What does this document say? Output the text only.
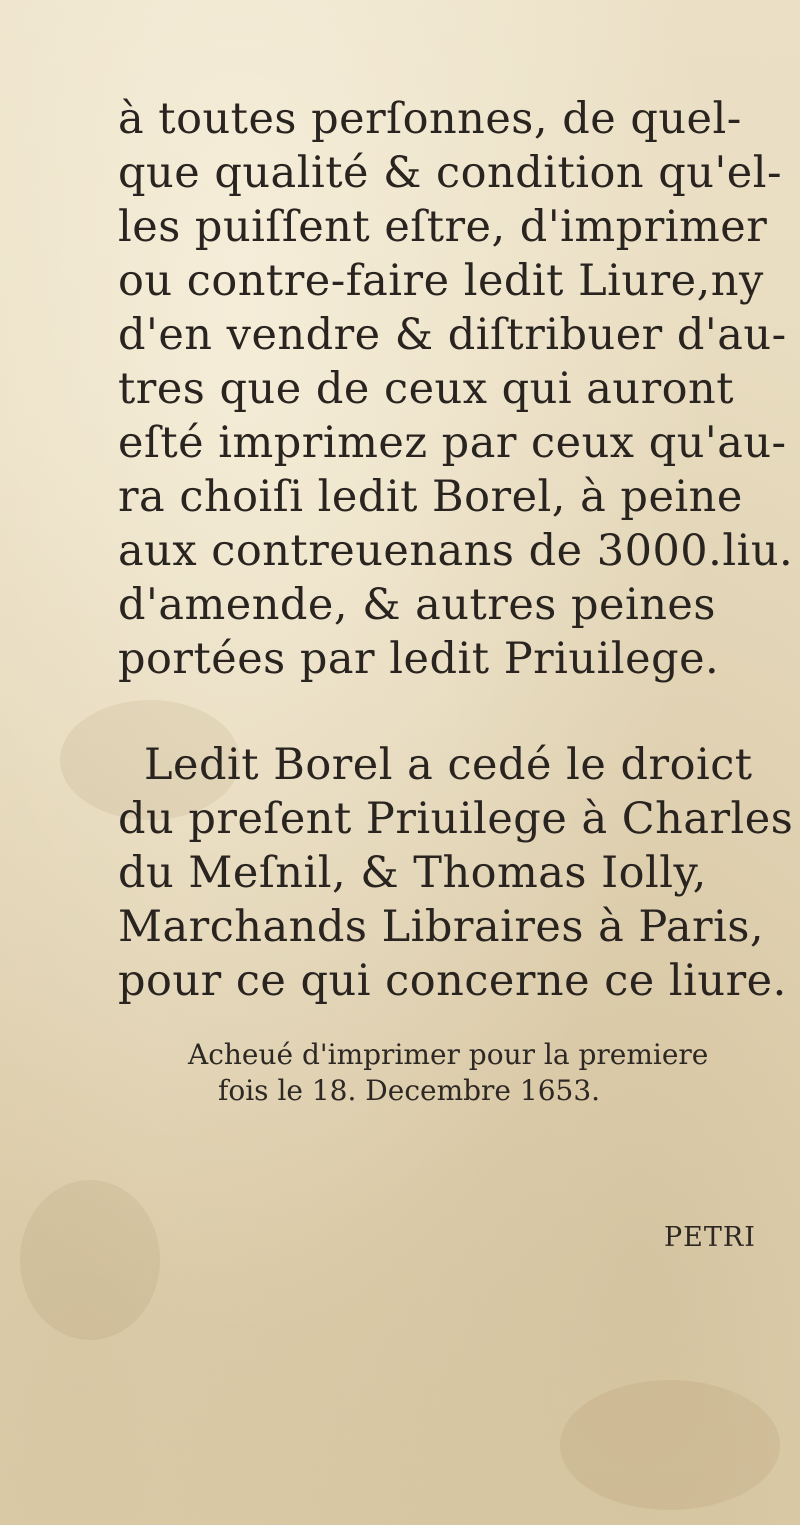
à toutes perſonnes, de quel-
que qualité & condition qu'el-
les puiſſent eſtre, d'imprimer
ou contre-faire ledit Liure,ny
d'en vendre & diſtribuer d'au-
tres que de ceux qui auront
eſté imprimez par ceux qu'au-
ra choiſi ledit Borel, à peine
aux contreuenans de 3000.liu.
d'amende, & autres peines
portées par ledit Priuilege.
Ledit Borel a cedé le droict
du preſent Priuilege à Charles
du Meſnil, & Thomas Iolly,
Marchands Libraires à Paris,
pour ce qui concerne ce liure.
Acheué d'imprimer pour la premiere
fois le 18. Decembre 1653.
PETRI
